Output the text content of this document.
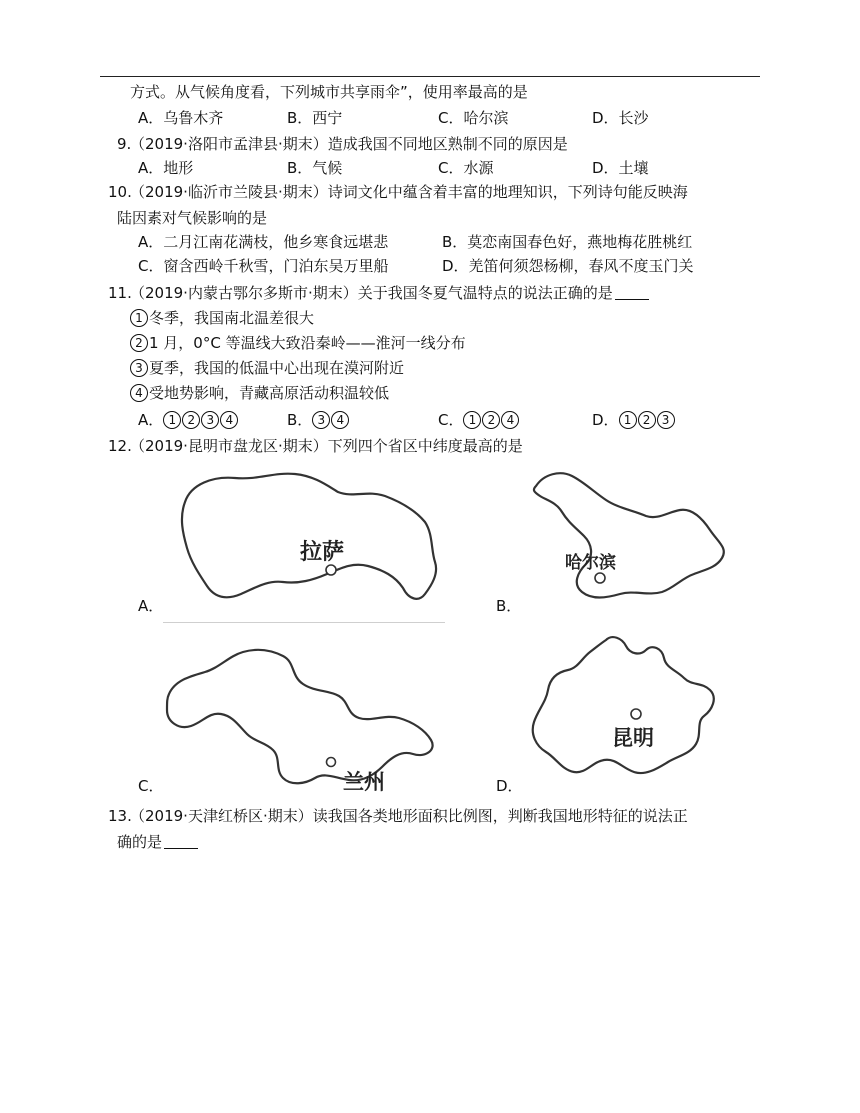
方式。从气候角度看，下列城市共享雨伞”，使用率最高的是
A．乌鲁木齐	B．西宁	C．哈尔滨	D．长沙
9.
（2019·洛阳市孟津县·期末）造成我国不同地区熟制不同的原因是
A．地形	B．气候	C．水源	D．土壤
10.
（2019·临沂市兰陵县·期末）诗词文化中蕴含着丰富的地理知识，下列诗句能反映海
陆因素对气候影响的是
A．二月江南花满枝，他乡寒食远堪悲	B．莫恋南国春色好，燕地梅花胜桃红
C．窗含西岭千秋雪，门泊东吴万里船	D．羌笛何须怨杨柳，春风不度玉门关
11.
（2019·内蒙古鄂尔多斯市·期末）关于我国冬夏气温特点的说法正确的是
1 冬季，我国南北温差很大
2 1 月，0°C 等温线大致沿秦岭——淮河一线分布
3 夏季，我国的低温中心出现在漠河附近
4 受地势影响，青藏高原活动积温较低
A． 1 2 3 4	B． 3 4	C． 1 2 4	D． 1 2 3
12.
（2019·昆明市盘龙区·期末）下列四个省区中纬度最高的是
拉萨
A．
哈尔滨
B．
兰州
C．
昆明
D．
13.
（2019·天津红桥区·期末）读我国各类地形面积比例图，判断我国地形特征的说法正
确的是
